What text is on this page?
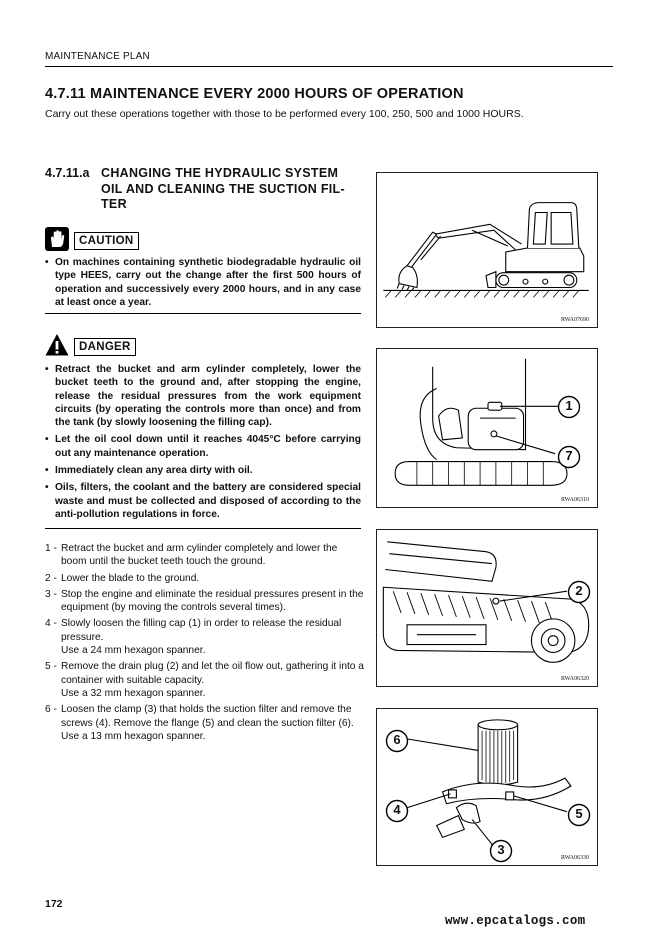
MAINTENANCE PLAN
4.7.11 MAINTENANCE EVERY 2000 HOURS OF OPERATION
Carry out these operations together with those to be performed every 100, 250, 500 and 1000 HOURS.
4.7.11.a CHANGING THE HYDRAULIC SYSTEM OIL AND CLEANING THE SUCTION FIL-TER
CAUTION
• On machines containing synthetic biodegradable hydraulic oil type HEES, carry out the change after the first 500 hours of operation and successively every 2000 hours, and in any case at least once a year.
DANGER
• Retract the bucket and arm cylinder completely, lower the bucket teeth to the ground and, after stopping the engine, release the residual pressures from the work equipment circuits (by operating the controls more than once) and from the tank (by slowly loosening the filling cap).
• Let the oil cool down until it reaches 4045°C before carrying out any maintenance operation.
• Immediately clean any area dirty with oil.
• Oils, filters, the coolant and the battery are considered special waste and must be collected and disposed of according to the anti-pollution regulations in force.
1 - Retract the bucket and arm cylinder completely and lower the boom until the bucket teeth touch the ground.
2 - Lower the blade to the ground.
3 - Stop the engine and eliminate the residual pressures present in the equipment (by moving the controls several times).
4 - Slowly loosen the filling cap (1) in order to release the residual pressure.
Use a 24 mm hexagon spanner.
5 - Remove the drain plug (2) and let the oil flow out, gathering it into a container with suitable capacity.
Use a 32 mm hexagon spanner.
6 - Loosen the clamp (3) that holds the suction filter and remove the screws (4). Remove the flange (5) and clean the suction filter (6).
Use a 13 mm hexagon spanner.
RWA07690
1
7
RWA06310
2
RWA06320
6
4	5
3
RWA06330
172
www.epcatalogs.com
